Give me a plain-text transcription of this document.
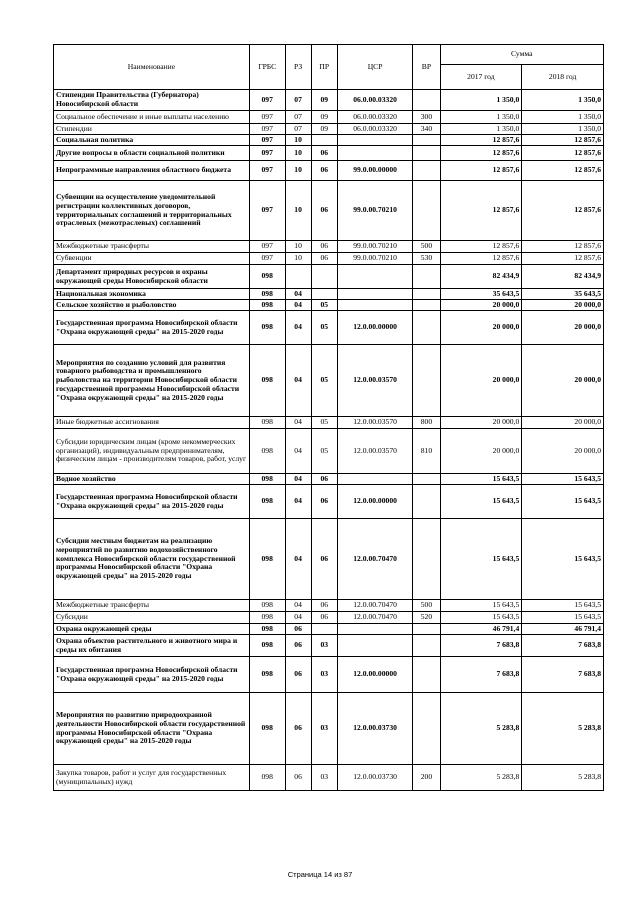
Наименование	ГРБС	РЗ	ПР	ЦСР	ВР	Сумма	
						2017 год	2018 год
Стипендии Правительства (Губернатора) Новосибирской области	097	07	09	06.0.00.03320		1 350,0	1 350,0
Социальное обеспечение и иные выплаты населению	097	07	09	06.0.00.03320	300	1 350,0	1 350,0
Стипендии	097	07	09	06.0.00.03320	340	1 350,0	1 350,0
Социальная политика	097	10				12 857,6	12 857,6
Другие вопросы в области социальной политики	097	10	06			12 857,6	12 857,6
Непрограммные направления областного бюджета	097	10	06	99.0.00.00000		12 857,6	12 857,6
Субвенции на осуществление уведомительной регистрации коллективных договоров, территориальных соглашений и территориальных отраслевых (межотраслевых) соглашений	097	10	06	99.0.00.70210		12 857,6	12 857,6
Межбюджетные трансферты	097	10	06	99.0.00.70210	500	12 857,6	12 857,6
Субвенции	097	10	06	99.0.00.70210	530	12 857,6	12 857,6
Департамент природных ресурсов и охраны окружающей среды Новосибирской области	098					82 434,9	82 434,9
Национальная экономика	098	04				35 643,5	35 643,5
Сельское хозяйство и рыболовство	098	04	05			20 000,0	20 000,0
Государственная программа Новосибирской области "Охрана окружающей среды" на 2015-2020 годы	098	04	05	12.0.00.00000		20 000,0	20 000,0
Мероприятия по созданию условий для развития товарного рыбоводства и промышленного рыболовства на территории Новосибирской области государственной программы Новосибирской области "Охрана окружающей среды" на 2015-2020 годы	098	04	05	12.0.00.03570		20 000,0	20 000,0
Иные бюджетные ассигнования	098	04	05	12.0.00.03570	800	20 000,0	20 000,0
Субсидии юридическим лицам (кроме некоммерческих организаций), индивидуальным предпринимателям, физическим лицам - производителям товаров, работ, услуг	098	04	05	12.0.00.03570	810	20 000,0	20 000,0
Водное хозяйство	098	04	06			15 643,5	15 643,5
Государственная программа Новосибирской области "Охрана окружающей среды" на 2015-2020 годы	098	04	06	12.0.00.00000		15 643,5	15 643,5
Субсидии местным бюджетам на реализацию мероприятий по развитию водохозяйственного комплекса Новосибирской области государственной программы Новосибирской области "Охрана окружающей среды" на 2015-2020 годы	098	04	06	12.0.00.70470		15 643,5	15 643,5
Межбюджетные трансферты	098	04	06	12.0.00.70470	500	15 643,5	15 643,5
Субсидии	098	04	06	12.0.00.70470	520	15 643,5	15 643,5
Охрана окружающей среды	098	06				46 791,4	46 791,4
Охрана объектов растительного и животного мира и среды их обитания	098	06	03			7 683,8	7 683,8
Государственная программа Новосибирской области "Охрана окружающей среды" на 2015-2020 годы	098	06	03	12.0.00.00000		7 683,8	7 683,8
Мероприятия по развитию природоохранной деятельности Новосибирской области государственной программы Новосибирской области "Охрана окружающей среды" на 2015-2020 годы	098	06	03	12.0.00.03730		5 283,8	5 283,8
Закупка товаров, работ и услуг для государственных (муниципальных) нужд	098	06	03	12.0.00.03730	200	5 283,8	5 283,8
Страница 14 из 87
